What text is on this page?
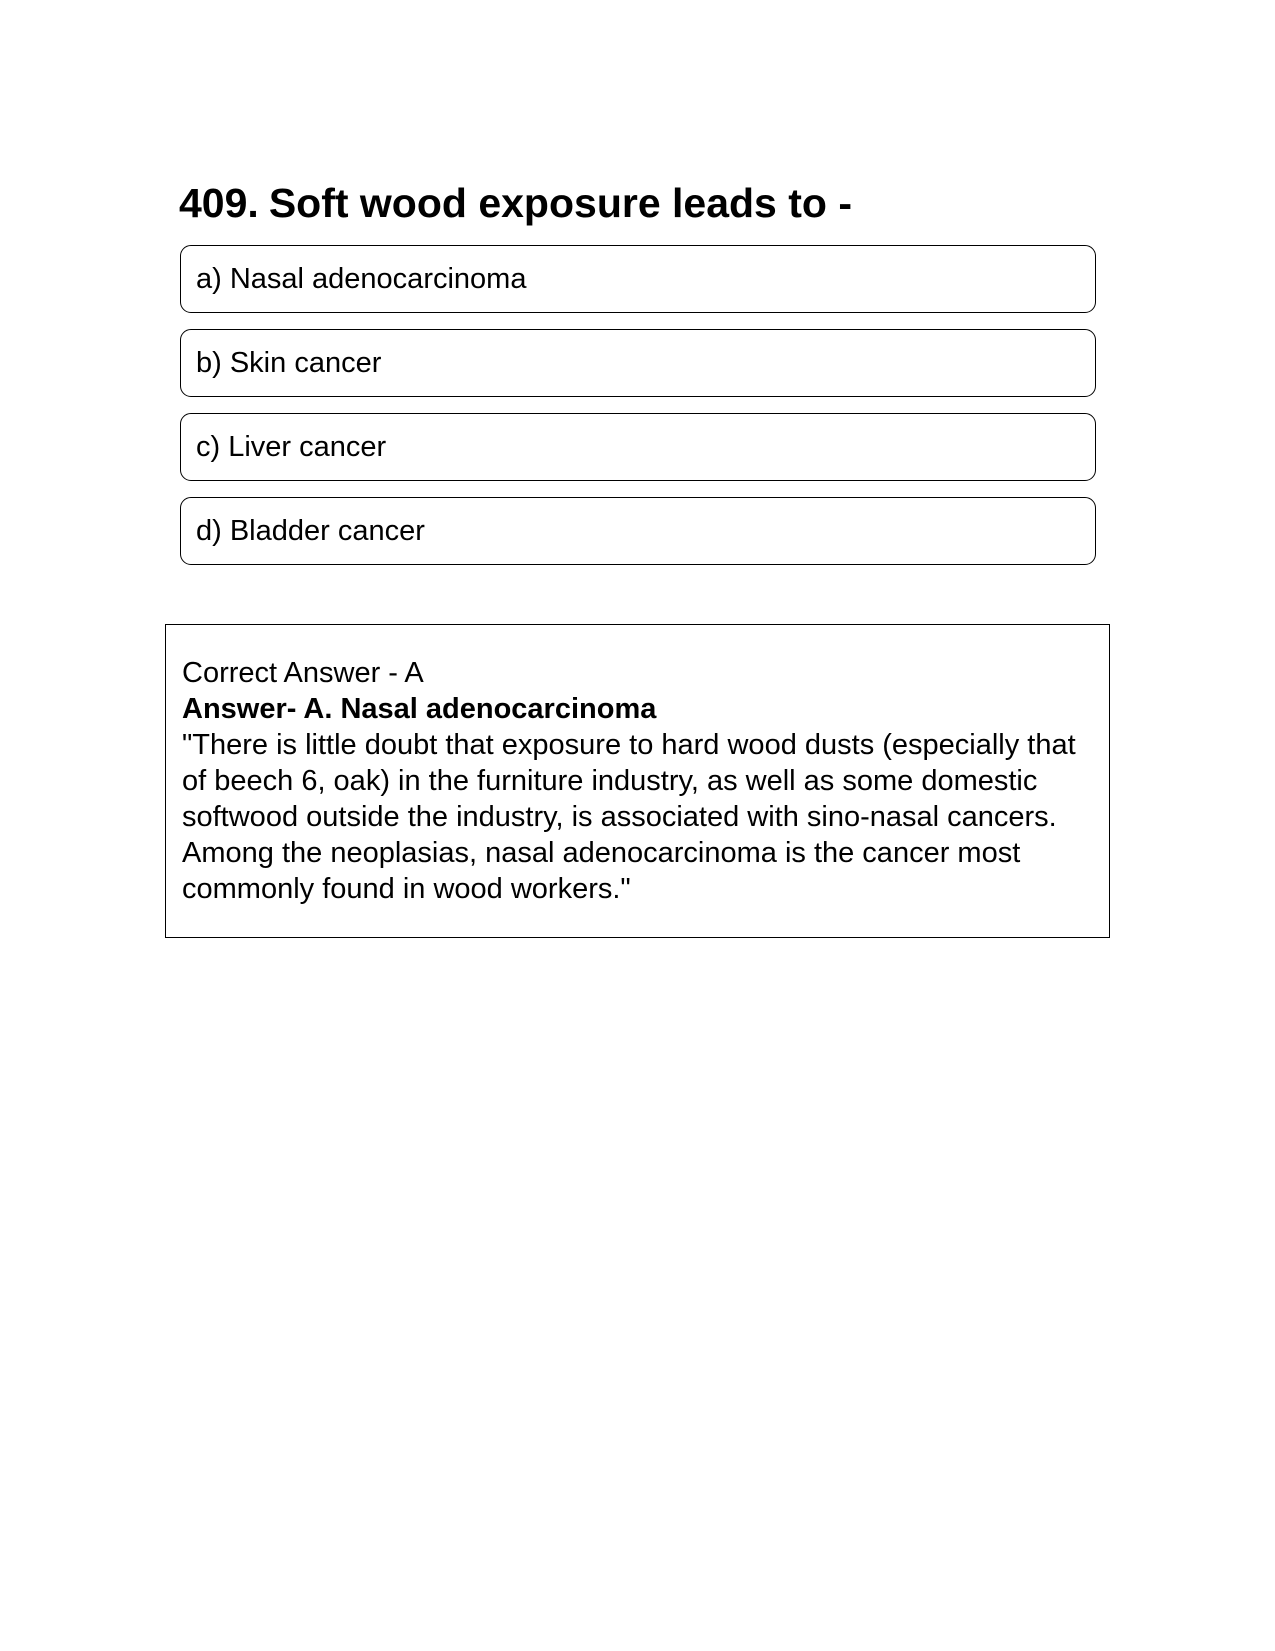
409. Soft wood exposure leads to -
a) Nasal adenocarcinoma
b) Skin cancer
c) Liver cancer
d) Bladder cancer
Correct Answer - A
Answer- A. Nasal adenocarcinoma
"There is little doubt that exposure to hard wood dusts (especially that of beech 6, oak) in the furniture industry, as well as some domestic softwood outside the industry, is associated with sino-nasal cancers. Among the neoplasias, nasal adenocarcinoma is the cancer most commonly found in wood workers."
